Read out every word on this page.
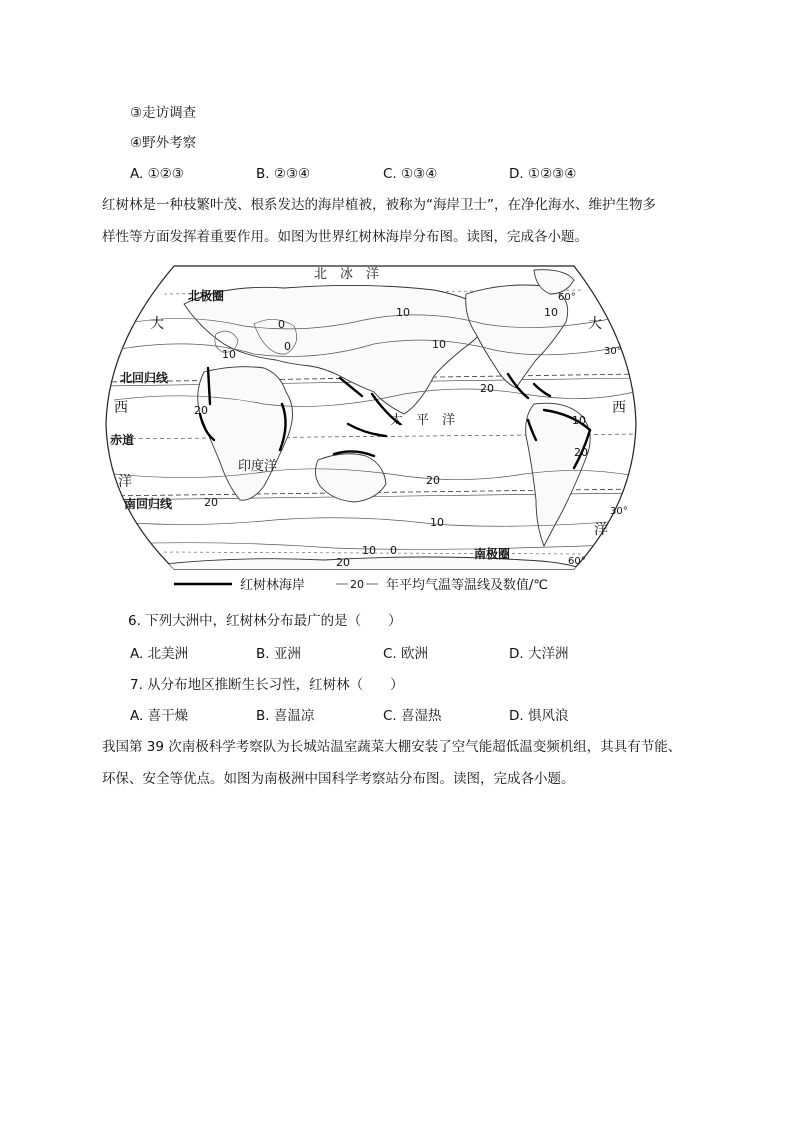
③走访调查
④野外考察
A. ①②③	B. ②③④	C. ①③④	D. ①②③④
红树林是一种枝繁叶茂、根系发达的海岸植被，被称为“海岸卫士”，在净化海水、维护生物多
样性等方面发挥着重要作用。如图为世界红树林海岸分布图。读图，完成各小题。
北　冰　洋
北极圈
北回归线
赤道
南回归线
南极圈
太　平　洋
印度洋
大
西
洋
大
西
洋
60°
30°
30°
60°
10
10
10
10
0
20
20
20
20
20
10
10
20
10 0
0
红树林海岸	20 年平均气温等温线及数值/℃
6. 下列大洲中，红树林分布最广的是（　　）
A. 北美洲	B. 亚洲	C. 欧洲	D. 大洋洲
7. 从分布地区推断生长习性，红树林（　　）
A. 喜干燥	B. 喜温凉	C. 喜湿热	D. 惧风浪
我国第 39 次南极科学考察队为长城站温室蔬菜大棚安装了空气能超低温变频机组，其具有节能、
环保、安全等优点。如图为南极洲中国科学考察站分布图。读图，完成各小题。
